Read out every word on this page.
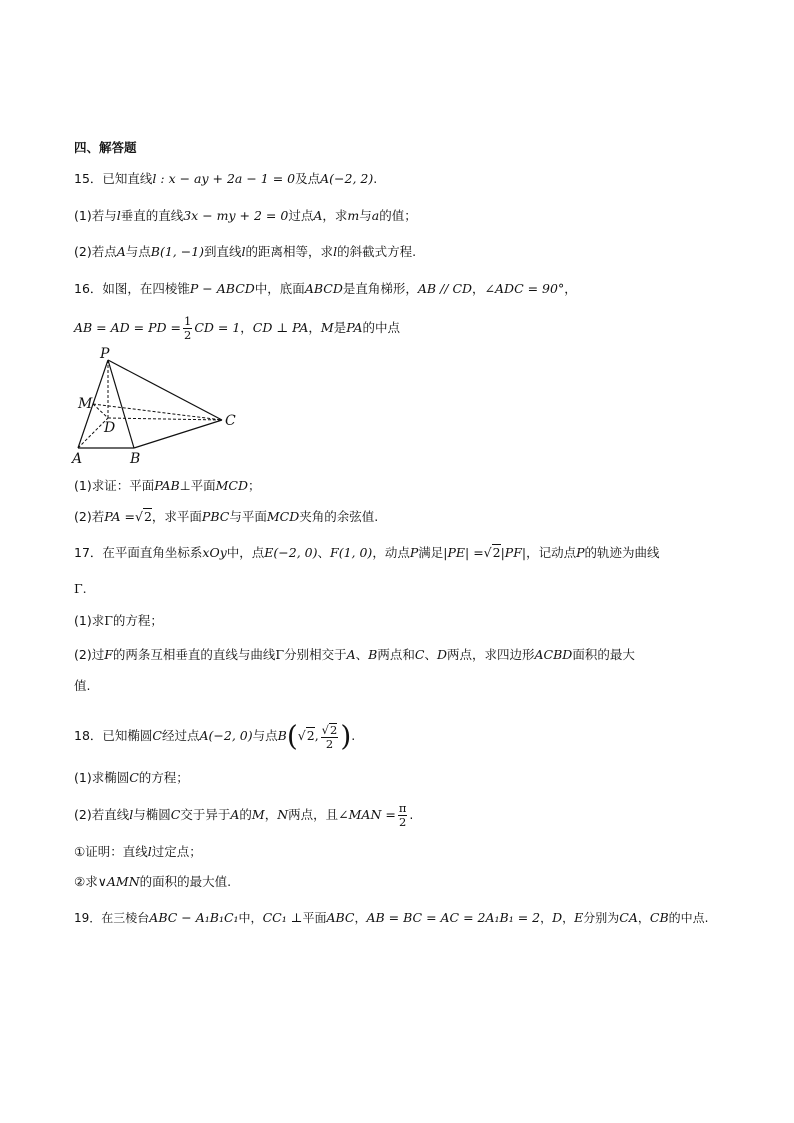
四、解答题
15．已知直线l : x − ay + 2a − 1 = 0及点A(−2, 2).
(1)若与l垂直的直线3x − my + 2 = 0过点A，求m与a的值；
(2)若点A与点B(1, −1)到直线l的距离相等，求l的斜截式方程.
16．如图，在四棱锥P − ABCD中，底面ABCD是直角梯形，AB // CD，∠ADC = 90°，
AB = AD = PD = $\frac{1}{2}$ CD = 1，CD ⊥ PA，M是PA的中点
P
M
D	C
A	B
(1)求证：平面PAB⊥平面MCD；
(2)若PA =√2，求平面PBC与平面MCD夹角的余弦值.
17．在平面直角坐标系xOy中，点E(−2, 0)、F(1, 0)，动点P满足|PE| =√2|PF|，记动点P的轨迹为曲线
Γ.
(1)求Γ的方程；
(2)过F的两条互相垂直的直线与曲线Γ分别相交于A、B两点和C、D两点，求四边形ACBD面积的最大
值.
18．已知椭圆C经过点A(−2, 0)与点B(√2, $\frac{√2}{2}$ ).
(1)求椭圆C的方程；
(2)若直线l与椭圆C交于异于A的M，N两点，且∠MAN = $\frac{\pi}{2}$ .
①证明：直线l过定点；
②求∨AMN的面积的最大值.
19．在三棱台ABC − A₁B₁C₁中，CC₁ ⊥平面ABC，AB = BC = AC = 2A₁B₁ = 2，D，E分别为CA，CB的中点.
